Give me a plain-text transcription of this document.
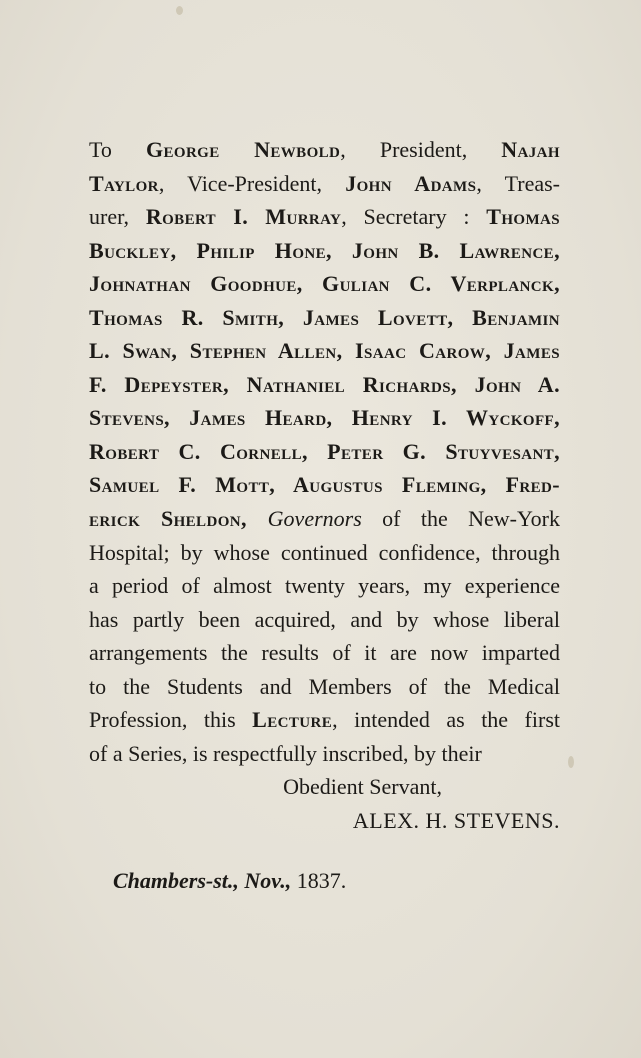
To George Newbold, President, Najah
Taylor, Vice-President, John Adams, Treas-
urer, Robert I. Murray, Secretary : Thomas
Buckley, Philip Hone, John B. Lawrence,
Johnathan Goodhue, Gulian C. Verplanck,
Thomas R. Smith, James Lovett, Benjamin
L. Swan, Stephen Allen, Isaac Carow, James
F. Depeyster, Nathaniel Richards, John A.
Stevens, James Heard, Henry I. Wyckoff,
Robert C. Cornell, Peter G. Stuyvesant,
Samuel F. Mott, Augustus Fleming, Fred-
erick Sheldon, Governors of the New-York
Hospital; by whose continued confidence, through
a period of almost twenty years, my experience
has partly been acquired, and by whose liberal
arrangements the results of it are now imparted
to the Students and Members of the Medical
Profession, this Lecture, intended as the first
of a Series, is respectfully inscribed, by their
Obedient Servant,
ALEX. H. STEVENS.
Chambers-st., Nov., 1837.
